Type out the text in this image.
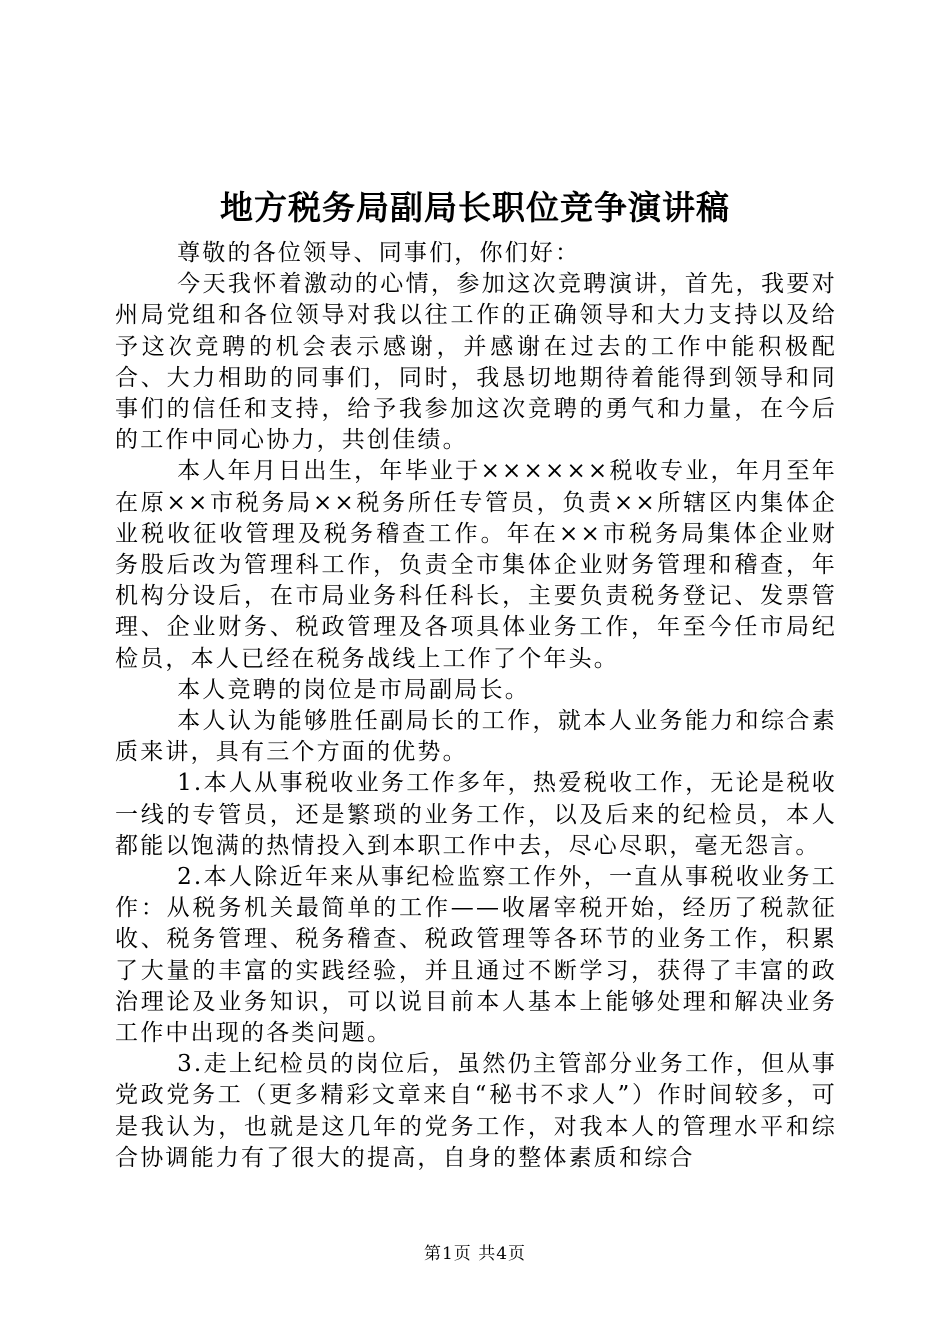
地方税务局副局长职位竞争演讲稿

尊敬的各位领导、同事们，你们好：

今天我怀着激动的心情，参加这次竞聘演讲，首先，我要对州局党组和各位领导对我以往工作的正确领导和大力支持以及给予这次竞聘的机会表示感谢，并感谢在过去的工作中能积极配合、大力相助的同事们，同时，我恳切地期待着能得到领导和同事们的信任和支持，给予我参加这次竞聘的勇气和力量，在今后的工作中同心协力，共创佳绩。

本人年月日出生，年毕业于××××××税收专业，年月至年在原××市税务局××税务所任专管员，负责××所辖区内集体企业税收征收管理及税务稽查工作。年在××市税务局集体企业财务股后改为管理科工作，负责全市集体企业财务管理和稽查，年机构分设后，在市局业务科任科长，主要负责税务登记、发票管理、企业财务、税政管理及各项具体业务工作，年至今任市局纪检员，本人已经在税务战线上工作了个年头。

本人竞聘的岗位是市局副局长。

本人认为能够胜任副局长的工作，就本人业务能力和综合素质来讲，具有三个方面的优势。

1.本人从事税收业务工作多年，热爱税收工作，无论是税收一线的专管员，还是繁琐的业务工作，以及后来的纪检员，本人都能以饱满的热情投入到本职工作中去，尽心尽职，毫无怨言。

2.本人除近年来从事纪检监察工作外，一直从事税收业务工作：从税务机关最简单的工作——收屠宰税开始，经历了税款征收、税务管理、税务稽查、税政管理等各环节的业务工作，积累了大量的丰富的实践经验，并且通过不断学习，获得了丰富的政治理论及业务知识，可以说目前本人基本上能够处理和解决业务工作中出现的各类问题。

3.走上纪检员的岗位后，虽然仍主管部分业务工作，但从事党政党务工（更多精彩文章来自“秘书不求人”）作时间较多，可是我认为，也就是这几年的党务工作，对我本人的管理水平和综合协调能力有了很大的提高，自身的整体素质和综合

第1页 共4页
